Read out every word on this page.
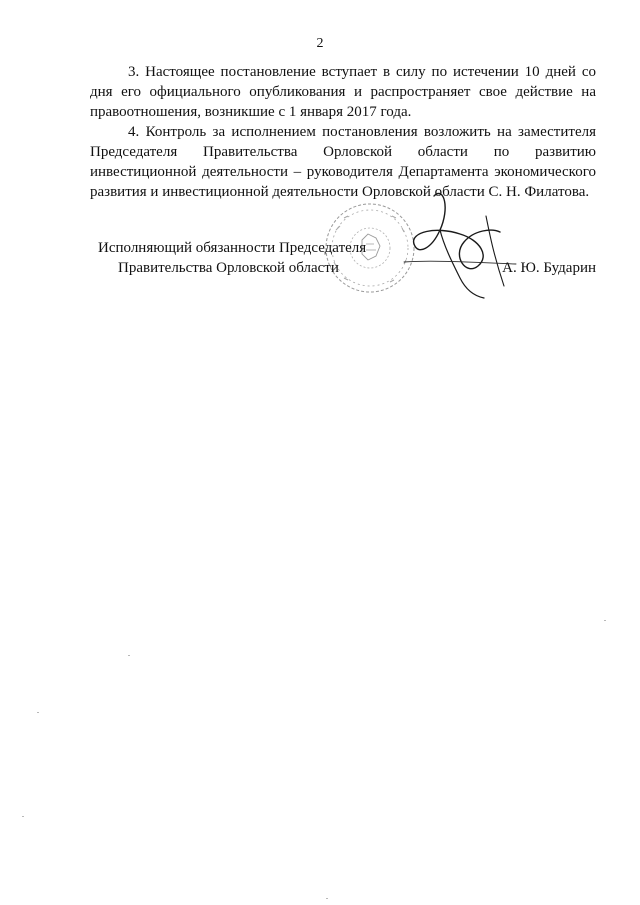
2

3. Настоящее постановление вступает в силу по истечении 10 дней со дня его официального опубликования и распространяет свое действие на правоотношения, возникшие с 1 января 2017 года.

4. Контроль за исполнением постановления возложить на заместителя Председателя Правительства Орловской области по развитию инвестиционной деятельности – руководителя Департамента экономического развития и инвестиционной деятельности Орловской области С. Н. Филатова.

Исполняющий обязанности Председателя
Правительства Орловской области	А. Ю. Бударин
